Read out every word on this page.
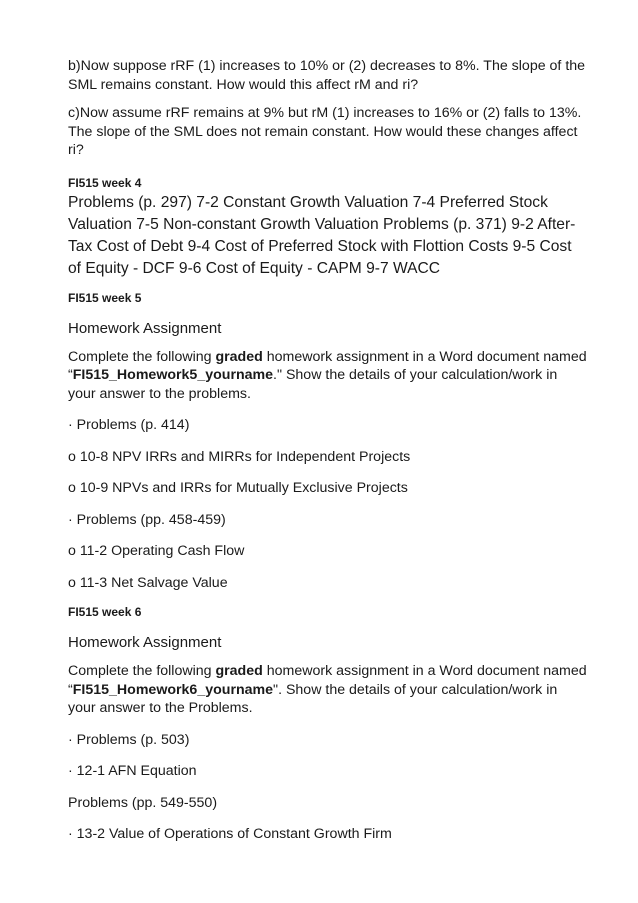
b)Now suppose rRF (1) increases to 10% or (2) decreases to 8%. The slope of the SML remains constant. How would this affect rM and ri?

c)Now assume rRF remains at 9% but rM (1) increases to 16% or (2) falls to 13%. The slope of the SML does not remain constant. How would these changes affect ri?

FI515 week 4

Problems (p. 297) 7-2 Constant Growth Valuation 7-4 Preferred Stock Valuation 7-5 Non-constant Growth Valuation Problems (p. 371) 9-2 After-Tax Cost of Debt 9-4 Cost of Preferred Stock with Flottion Costs 9-5 Cost of Equity - DCF 9-6 Cost of Equity - CAPM 9-7 WACC

FI515 week 5

Homework Assignment

Complete the following graded homework assignment in a Word document named “FI515_Homework5_yourname." Show the details of your calculation/work in your answer to the problems.

· Problems (p. 414)

o 10-8 NPV IRRs and MIRRs for Independent Projects

o 10-9 NPVs and IRRs for Mutually Exclusive Projects

· Problems (pp. 458-459)

o 11-2 Operating Cash Flow

o 11-3 Net Salvage Value

FI515 week 6

Homework Assignment

Complete the following graded homework assignment in a Word document named “FI515_Homework6_yourname". Show the details of your calculation/work in your answer to the Problems.

· Problems (p. 503)

· 12-1 AFN Equation

Problems (pp. 549-550)

· 13-2 Value of Operations of Constant Growth Firm
